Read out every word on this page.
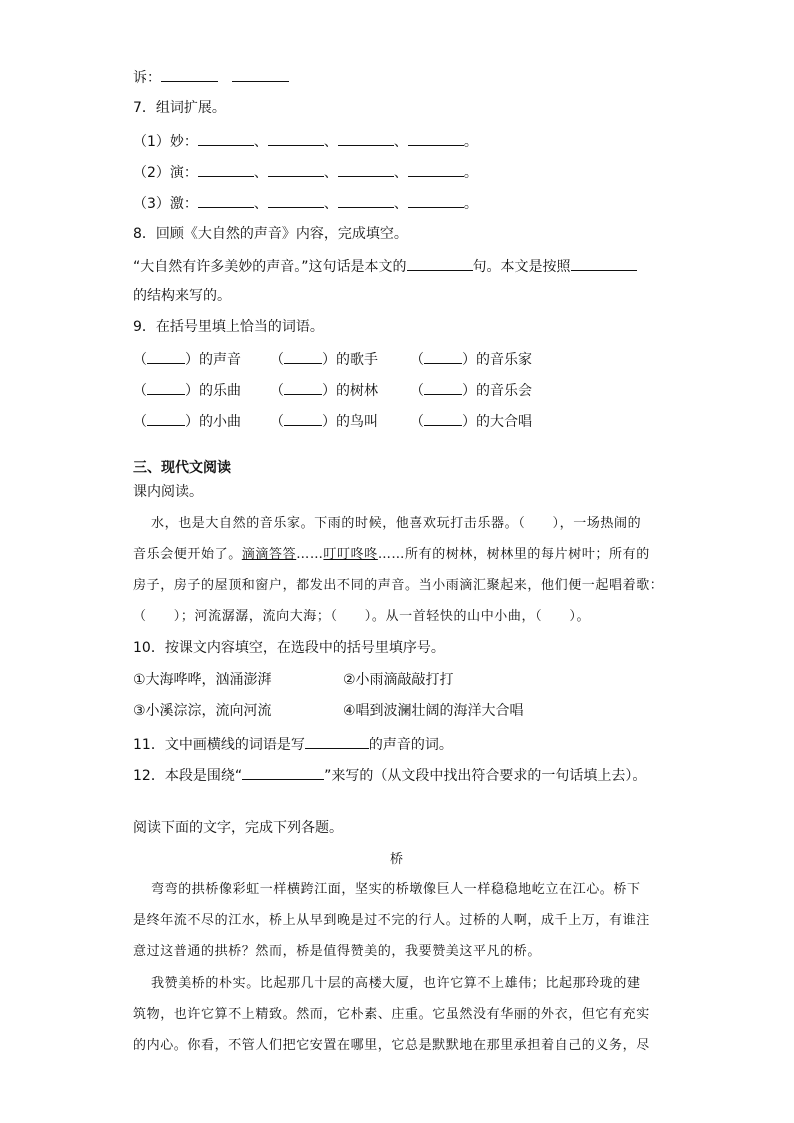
诉：
7．组词扩展。
（1）妙：	、	、	、	。
（2）演：	、	、	、	。
（3）激：	、	、	、	。
8．回顾《大自然的声音》内容，完成填空。
“大自然有许多美妙的声音。”这句话是本文的	句。本文是按照
的结构来写的。
9．在括号里填上恰当的词语。
（	）的声音 （	）的歌手 （	）的音乐家
（	）的乐曲 （	）的树林 （	）的音乐会
（	）的小曲 （	）的鸟叫 （	）的大合唱
三、现代文阅读
课内阅读。
水，也是大自然的音乐家。下雨的时候，他喜欢玩打击乐器。（　　），一场热闹的
音乐会便开始了。滴滴答答……叮叮咚咚……所有的树林，树林里的每片树叶；所有的
房子，房子的屋顶和窗户，都发出不同的声音。当小雨滴汇聚起来，他们便一起唱着歌：
（　　）；河流潺潺，流向大海；（　　）。从一首轻快的山中小曲，（　　）。
10．按课文内容填空，在选段中的括号里填序号。
①大海哗哗，汹涌澎湃	②小雨滴敲敲打打
③小溪淙淙，流向河流	④唱到波澜壮阔的海洋大合唱
11．文中画横线的词语是写	的声音的词。
12．本段是围绕“	”来写的（从文段中找出符合要求的一句话填上去）。
阅读下面的文字，完成下列各题。
桥
弯弯的拱桥像彩虹一样横跨江面，坚实的桥墩像巨人一样稳稳地屹立在江心。桥下
是终年流不尽的江水，桥上从早到晚是过不完的行人。过桥的人啊，成千上万，有谁注
意过这普通的拱桥？然而，桥是值得赞美的，我要赞美这平凡的桥。
我赞美桥的朴实。比起那几十层的高楼大厦，也许它算不上雄伟；比起那玲珑的建
筑物，也许它算不上精致。然而，它朴素、庄重。它虽然没有华丽的外衣，但它有充实
的内心。你看，不管人们把它安置在哪里，它总是默默地在那里承担着自己的义务，尽
